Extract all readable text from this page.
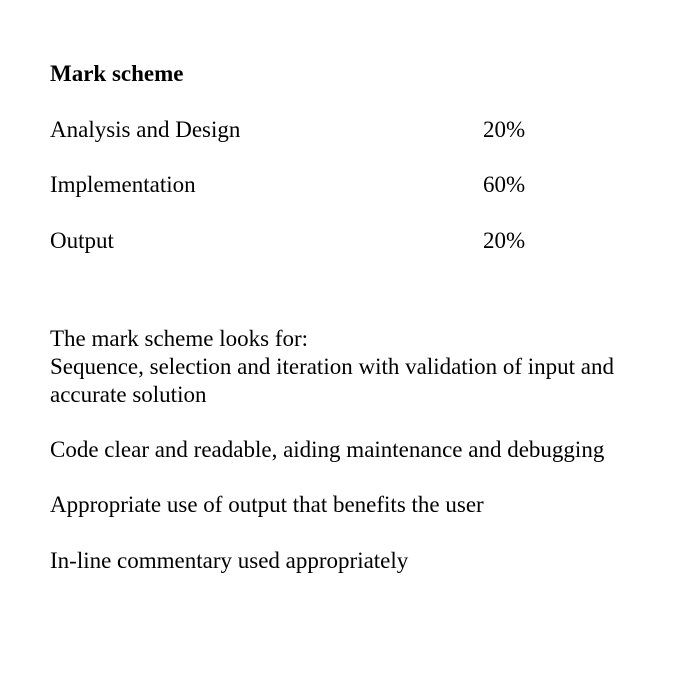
Mark scheme
Analysis and Design	20%
Implementation	60%
Output	20%
The mark scheme looks for:
Sequence, selection and iteration with validation of input and
accurate solution
Code clear and readable, aiding maintenance and debugging
Appropriate use of output that benefits the user
In-line commentary used appropriately
